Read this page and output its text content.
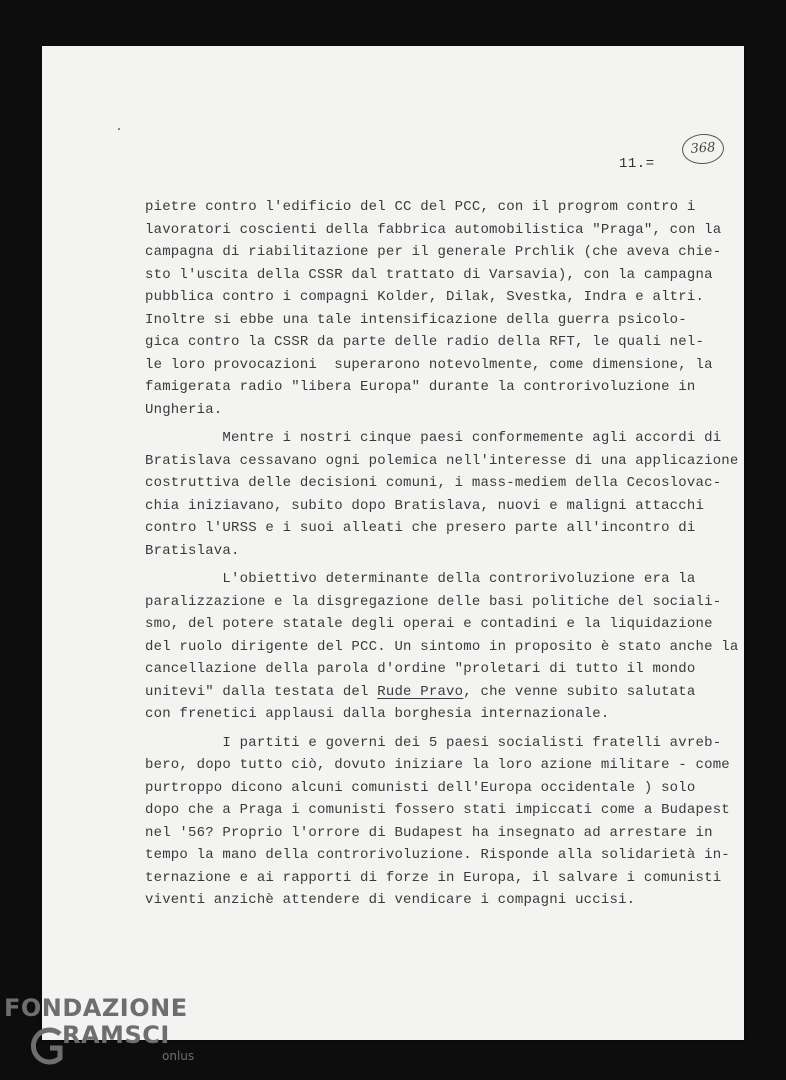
368
11.=
pietre contro l'edificio del CC del PCC, con il progrom contro i
lavoratori coscienti della fabbrica automobilistica "Praga", con la
campagna di riabilitazione per il generale Prchlik (che aveva chie-
sto l'uscita della CSSR dal trattato di Varsavia), con la campagna
pubblica contro i compagni Kolder, Dilak, Svestka, Indra e altri.
Inoltre si ebbe una tale intensificazione della guerra psicolo-
gica contro la CSSR da parte delle radio della RFT, le quali nel-
le loro provocazioni  superarono notevolmente, come dimensione, la
famigerata radio "libera Europa" durante la controrivoluzione in
Ungheria.
Mentre i nostri cinque paesi conformemente agli accordi di
Bratislava cessavano ogni polemica nell'interesse di una applicazione
costruttiva delle decisioni comuni, i mass-mediem della Cecoslovac-
chia iniziavano, subito dopo Bratislava, nuovi e maligni attacchi
contro l'URSS e i suoi alleati che presero parte all'incontro di
Bratislava.
L'obiettivo determinante della controrivoluzione era la
paralizzazione e la disgregazione delle basi politiche del sociali-
smo, del potere statale degli operai e contadini e la liquidazione
del ruolo dirigente del PCC. Un sintomo in proposito è stato anche la
cancellazione della parola d'ordine "proletari di tutto il mondo
unitevi" dalla testata del Rude Pravo, che venne subito salutata
con frenetici applausi dalla borghesia internazionale.
I partiti e governi dei 5 paesi socialisti fratelli avreb-
bero, dopo tutto ciò, dovuto iniziare la loro azione militare - come
purtroppo dicono alcuni comunisti dell'Europa occidentale ) solo
dopo che a Praga i comunisti fossero stati impiccati come a Budapest
nel '56? Proprio l'orrore di Budapest ha insegnato ad arrestare in
tempo la mano della controrivoluzione. Risponde alla solidarietà in-
ternazione e ai rapporti di forze in Europa, il salvare i comunisti
viventi anzichè attendere di vendicare i compagni uccisi.
FONDAZIONE
RAMSCI
onlus
